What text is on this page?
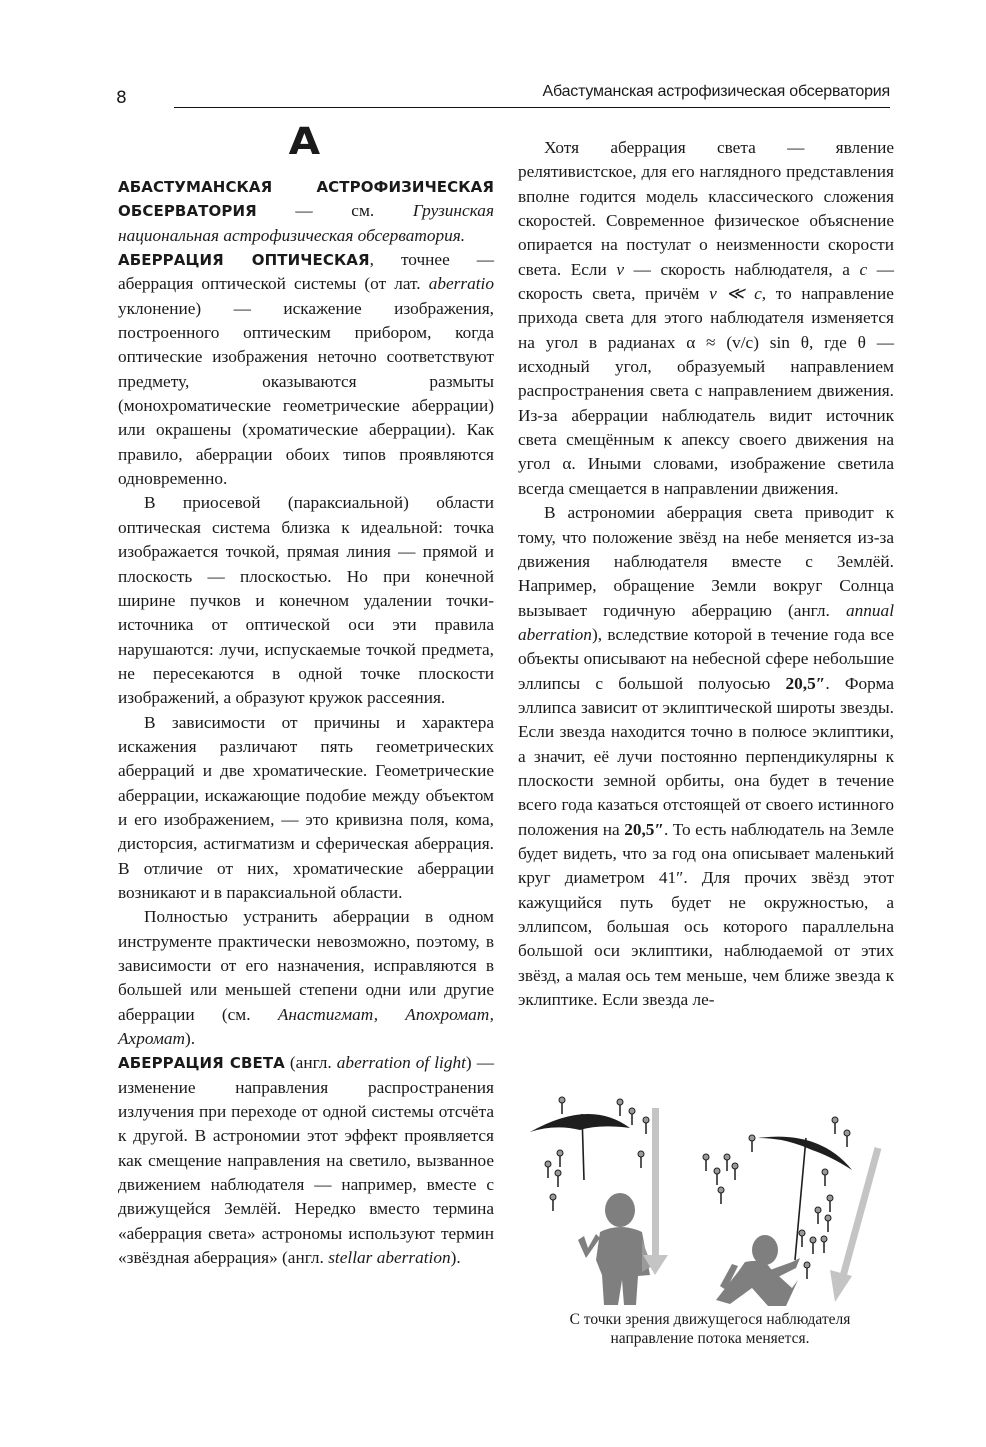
8	Абастуманская астрофизическая обсерватория
А

АБАСТУМАНСКАЯ АСТРОФИЗИЧЕСКАЯ ОБСЕРВАТОРИЯ — см. Грузинская национальная астрофизическая обсерватория.

АБЕРРАЦИЯ ОПТИЧЕСКАЯ, точнее — аберрация оптической системы (от лат. aberratio уклонение) — искажение изображения, построенного оптическим прибором, когда оптические изображения неточно соответствуют предмету, оказываются размыты (монохроматические геометрические аберрации) или окрашены (хроматические аберрации). Как правило, аберрации обоих типов проявляются одновременно.

В приосевой (параксиальной) области оптическая система близка к идеальной: точка изображается точкой, прямая линия — прямой и плоскость — плоскостью. Но при конечной ширине пучков и конечном удалении точки-источника от оптической оси эти правила нарушаются: лучи, испускаемые точкой предмета, не пересекаются в одной точке плоскости изображений, а образуют кружок рассеяния.

В зависимости от причины и характера искажения различают пять геометрических аберраций и две хроматические. Геометрические аберрации, искажающие подобие между объектом и его изображением, — это кривизна поля, кома, дисторсия, астигматизм и сферическая аберрация. В отличие от них, хроматические аберрации возникают и в параксиальной области.

Полностью устранить аберрации в одном инструменте практически невозможно, поэтому, в зависимости от его назначения, исправляются в большей или меньшей степени одни или другие аберрации (см. Анастигмат, Апохромат, Ахромат).

АБЕРРАЦИЯ СВЕТА (англ. aberration of light) — изменение направления распространения излучения при переходе от одной системы отсчёта к другой. В астрономии этот эффект проявляется как смещение направления на светило, вызванное движением наблюдателя — например, вместе с движущейся Землёй. Нередко вместо термина «аберрация света» астрономы используют термин «звёздная аберрация» (англ. stellar aberration).

Хотя аберрация света — явление релятивистское, для его наглядного представления вполне годится модель классического сложения скоростей. Современное физическое объяснение опирается на постулат о неизменности скорости света. Если v — скорость наблюдателя, а c — скорость света, причём v ≪ c, то направление прихода света для этого наблюдателя изменяется на угол в радианах α ≈ (v/c) sin θ, где θ — исходный угол, образуемый направлением распространения света с направлением движения. Из-за аберрации наблюдатель видит источник света смещённым к апексу своего движения на угол α. Иными словами, изображение светила всегда смещается в направлении движения.

В астрономии аберрация света приводит к тому, что положение звёзд на небе меняется из-за движения наблюдателя вместе с Землёй. Например, обращение Земли вокруг Солнца вызывает годичную аберрацию (англ. annual aberration), вследствие которой в течение года все объекты описывают на небесной сфере небольшие эллипсы с большой полуосью 20,5″. Форма эллипса зависит от эклиптической широты звезды. Если звезда находится точно в полюсе эклиптики, а значит, её лучи постоянно перпендикулярны к плоскости земной орбиты, она будет в течение всего года казаться отстоящей от своего истинного положения на 20,5″. То есть наблюдатель на Земле будет видеть, что за год она описывает маленький круг диаметром 41″. Для прочих звёзд этот кажущийся путь будет не окружностью, а эллипсом, большая ось которого параллельна большой оси эклиптики, наблюдаемой от этих звёзд, а малая ось тем меньше, чем ближе звезда к эклиптике. Если звезда ле-

С точки зрения движущегося наблюдателя
направление потока меняется.
